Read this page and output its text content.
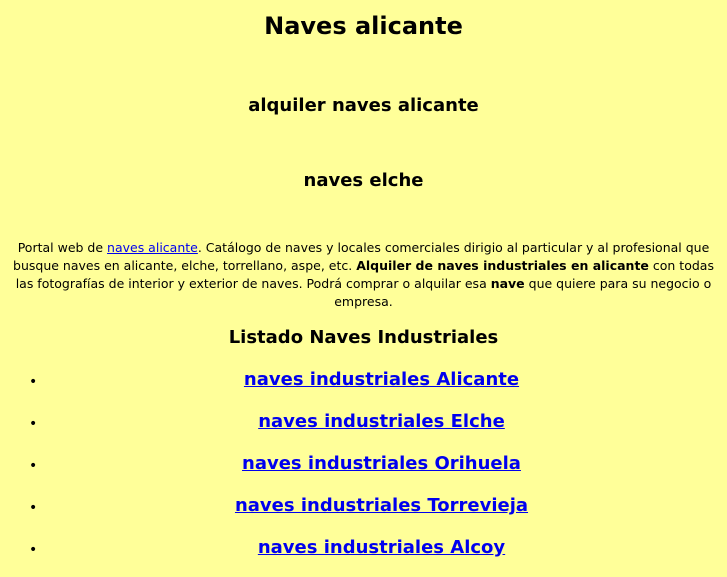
Naves alicante
alquiler naves alicante
naves elche

Portal web de naves alicante. Catálogo de naves y locales comerciales dirigio al particular y al profesional que busque naves en alicante, elche, torrellano, aspe, etc. Alquiler de naves industriales en alicante con todas las fotografías de interior y exterior de naves. Podrá comprar o alquilar esa nave que quiere para su negocio o empresa.

Listado Naves Industriales
•	naves industriales Alicante
•	naves industriales Elche
•	naves industriales Orihuela
•	naves industriales Torrevieja
•	naves industriales Alcoy
